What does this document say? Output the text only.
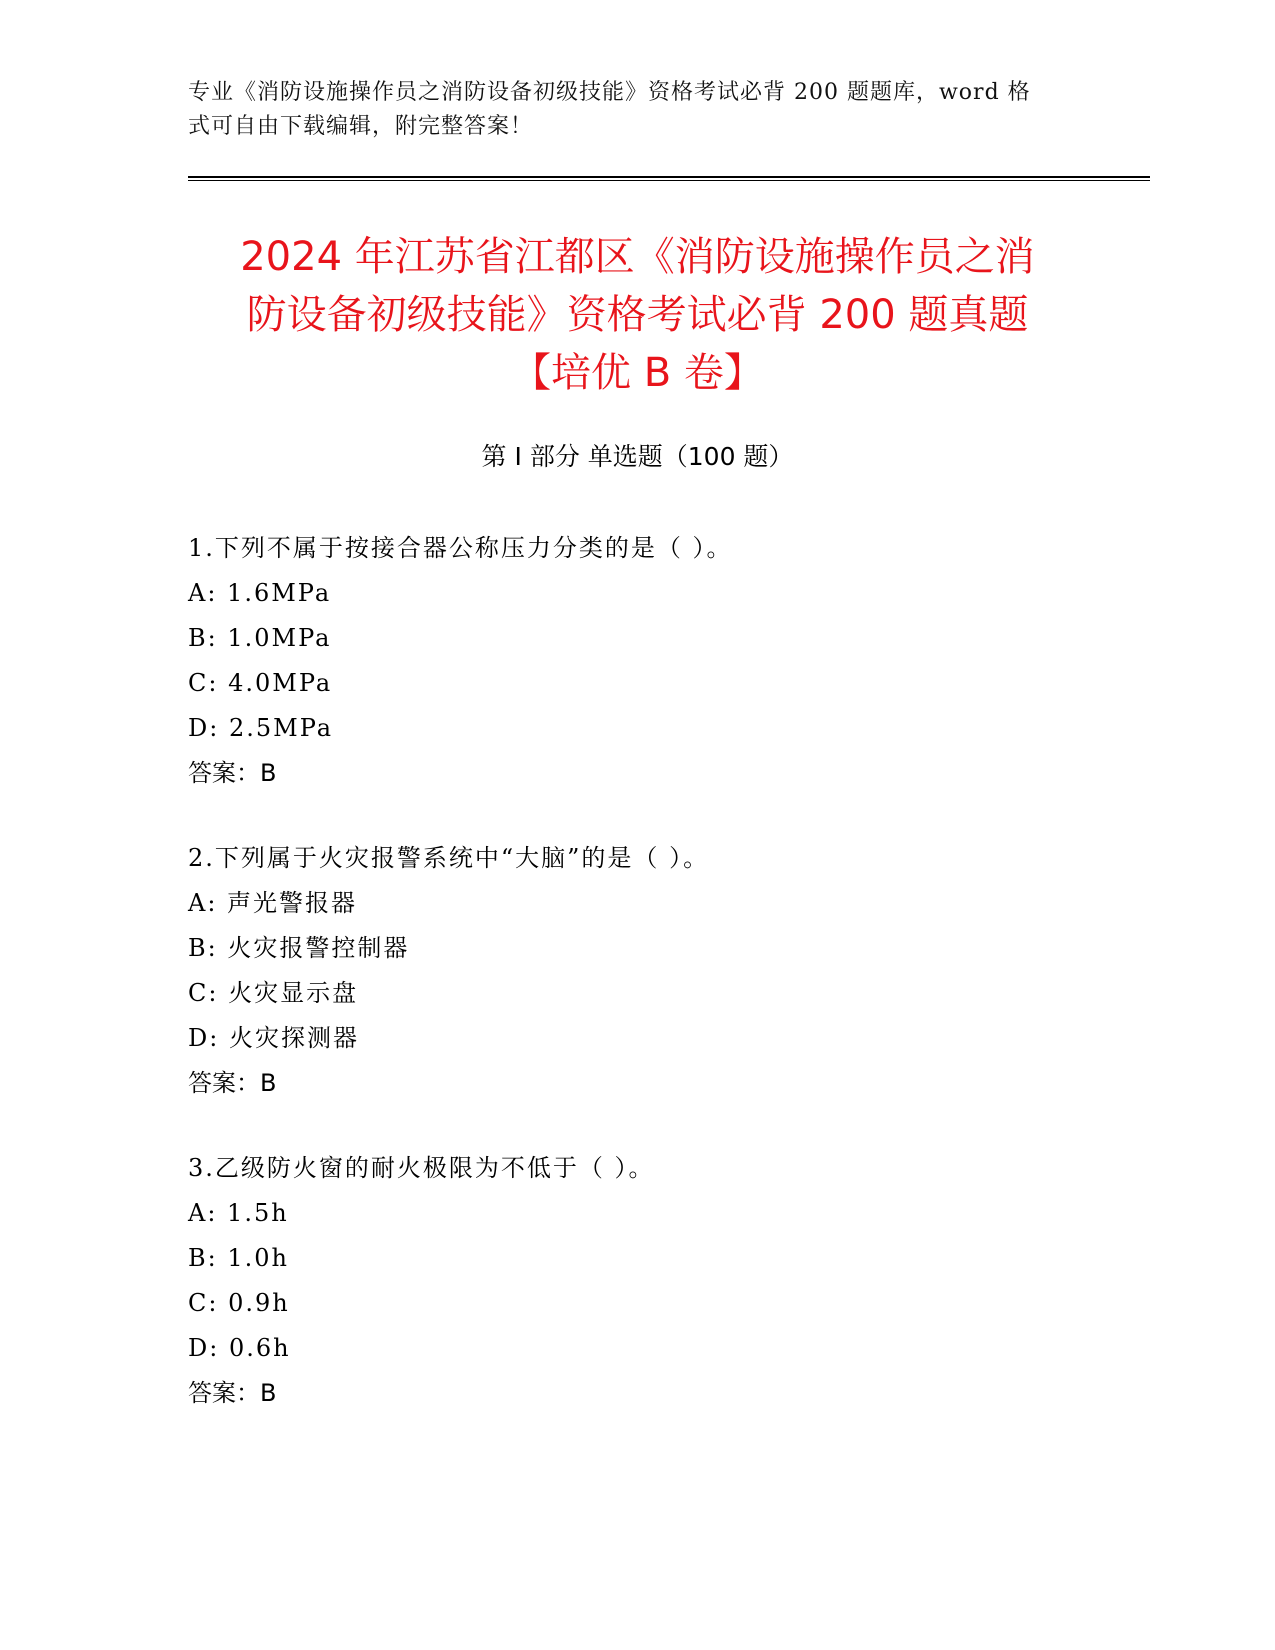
专业《消防设施操作员之消防设备初级技能》资格考试必背 200 题题库，word 格
式可自由下载编辑，附完整答案！
2024 年江苏省江都区《消防设施操作员之消
防设备初级技能》资格考试必背 200 题真题
【培优 B 卷】
第 I 部分 单选题（100 题）
1.下列不属于按接合器公称压力分类的是（ ）。
A: 1.6MPa
B: 1.0MPa
C: 4.0MPa
D: 2.5MPa
答案：B
2.下列属于火灾报警系统中“大脑”的是（ ）。
A: 声光警报器
B: 火灾报警控制器
C: 火灾显示盘
D: 火灾探测器
答案：B
3.乙级防火窗的耐火极限为不低于（ ）。
A: 1.5h
B: 1.0h
C: 0.9h
D: 0.6h
答案：B
